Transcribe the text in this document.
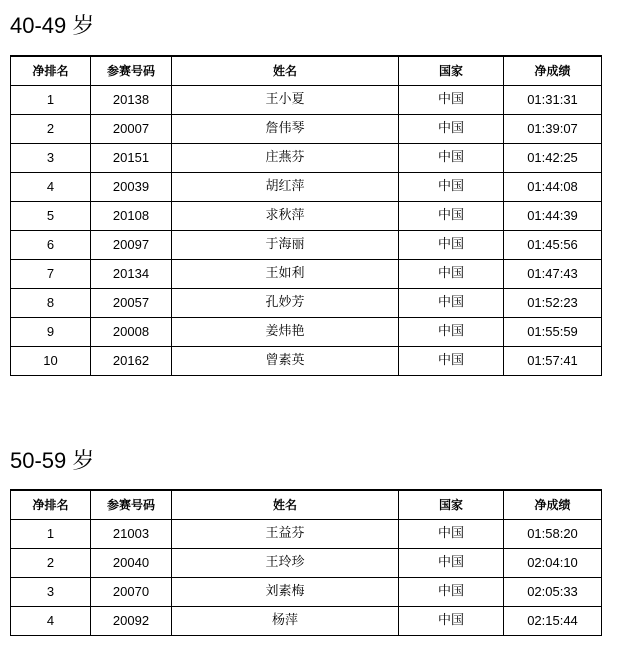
40-49 岁
净排名	参赛号码	姓名	国家	净成绩
1	20138	王小夏	中国	01:31:31
2	20007	詹伟琴	中国	01:39:07
3	20151	庄燕芬	中国	01:42:25
4	20039	胡红萍	中国	01:44:08
5	20108	求秋萍	中国	01:44:39
6	20097	于海丽	中国	01:45:56
7	20134	王如利	中国	01:47:43
8	20057	孔妙芳	中国	01:52:23
9	20008	姜炜艳	中国	01:55:59
10	20162	曾素英	中国	01:57:41
50-59 岁
净排名	参赛号码	姓名	国家	净成绩
1	21003	王益芬	中国	01:58:20
2	20040	王玲珍	中国	02:04:10
3	20070	刘素梅	中国	02:05:33
4	20092	杨萍	中国	02:15:44
